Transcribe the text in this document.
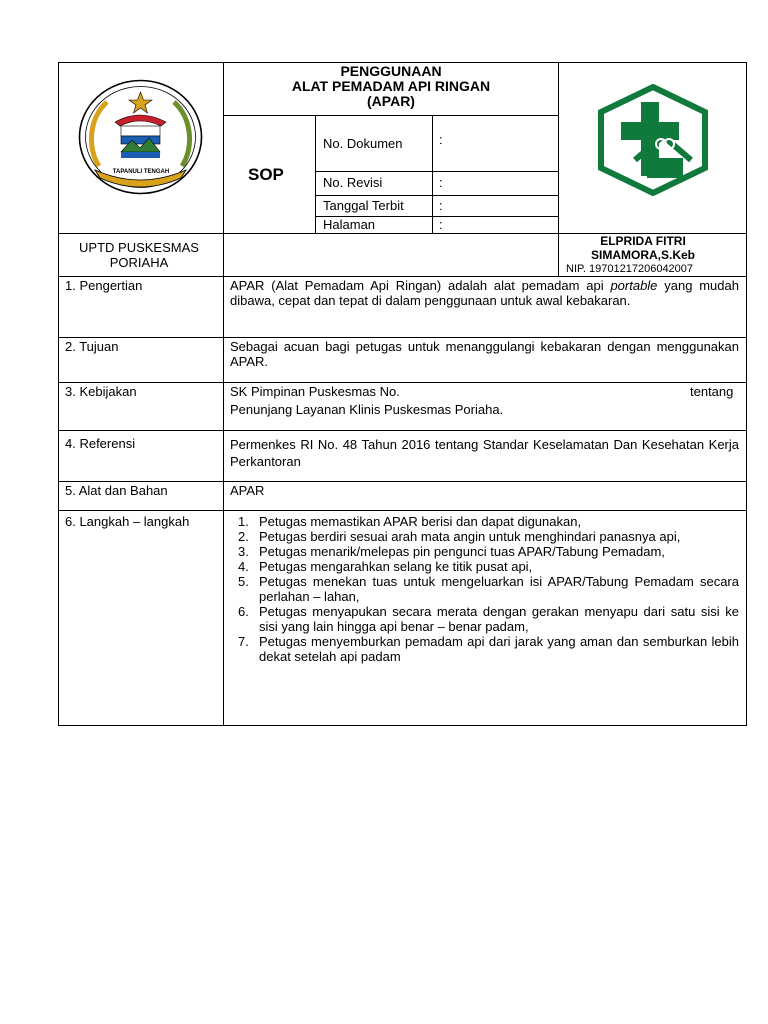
TAPANULI TENGAH
PENGGUNAAN
ALAT PEMADAM API RINGAN
(APAR)
SOP
No. Dokumen	:
No. Revisi	:
Tanggal Terbit	:
Halaman	:
UPTD PUSKESMAS PORIAHA
ELPRIDA FITRI SIMAMORA,S.Keb
NIP. 19701217206042007
1. Pengertian	APAR (Alat Pemadam Api Ringan) adalah alat pemadam api portable yang mudah dibawa, cepat dan tepat di dalam penggunaan untuk awal kebakaran.
2. Tujuan	Sebagai acuan bagi petugas untuk menanggulangi kebakaran dengan menggunakan APAR.
3. Kebijakan	SK Pimpinan Puskesmas No.	tentang
Penunjang Layanan Klinis Puskesmas Poriaha.
4. Referensi	Permenkes RI No. 48 Tahun 2016 tentang Standar Keselamatan Dan Kesehatan Kerja Perkantoran
5. Alat dan Bahan	APAR
6. Langkah – langkah	1. Petugas memastikan APAR berisi dan dapat digunakan,
2. Petugas berdiri sesuai arah mata angin untuk menghindari panasnya api,
3. Petugas menarik/melepas pin pengunci tuas APAR/Tabung Pemadam,
4. Petugas mengarahkan selang ke titik pusat api,
5. Petugas menekan tuas untuk mengeluarkan isi APAR/Tabung Pemadam secara perlahan – lahan,
6. Petugas menyapukan secara merata dengan gerakan menyapu dari satu sisi ke sisi yang lain hingga api benar – benar padam,
7. Petugas menyemburkan pemadam api dari jarak yang aman dan semburkan lebih dekat setelah api padam
